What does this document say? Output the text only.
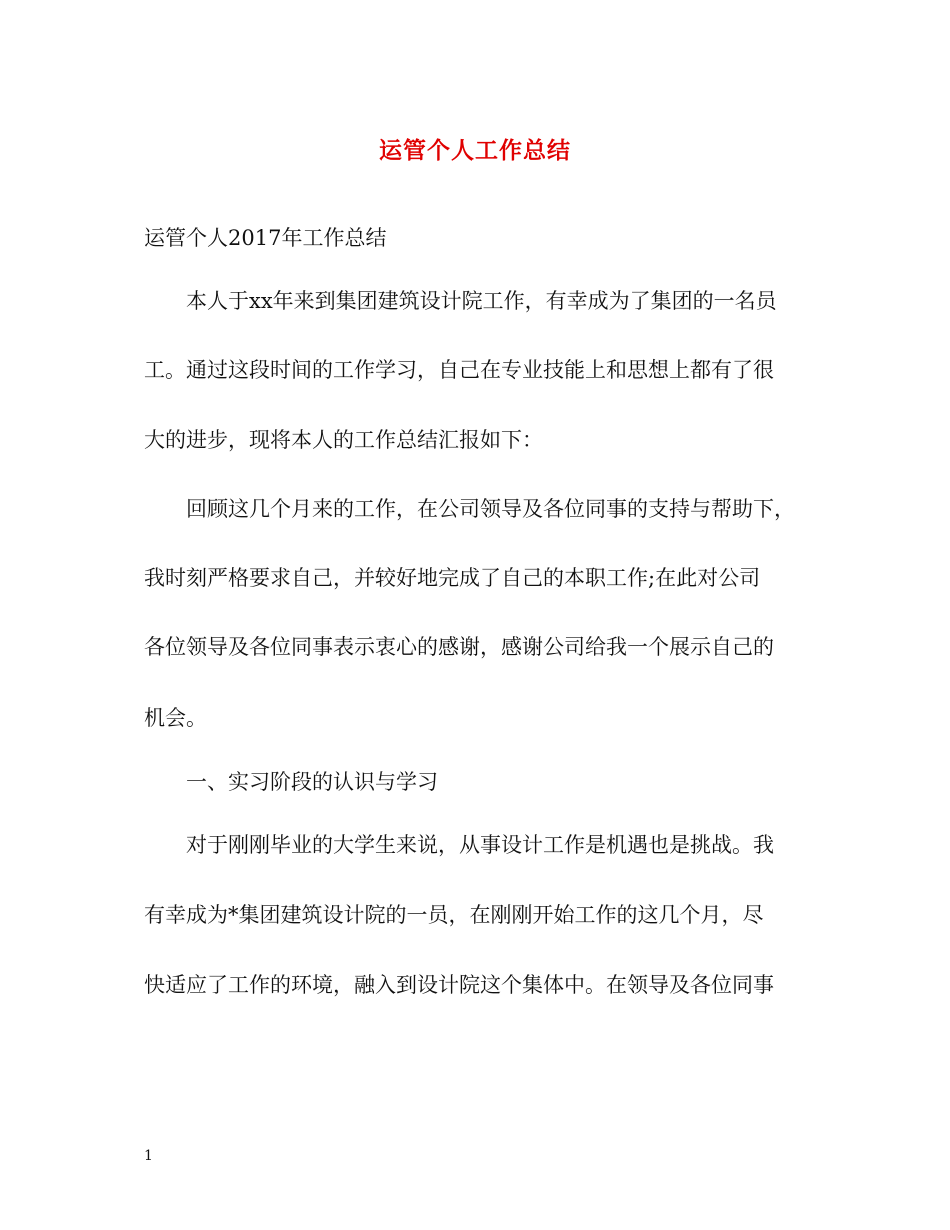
运管个人工作总结
运管个人2017年工作总结
本人于xx年来到集团建筑设计院工作，有幸成为了集团的一名员
工。通过这段时间的工作学习，自己在专业技能上和思想上都有了很
大的进步，现将本人的工作总结汇报如下：
回顾这几个月来的工作，在公司领导及各位同事的支持与帮助下，
我时刻严格要求自己，并较好地完成了自己的本职工作;在此对公司
各位领导及各位同事表示衷心的感谢，感谢公司给我一个展示自己的
机会。
一、实习阶段的认识与学习
对于刚刚毕业的大学生来说，从事设计工作是机遇也是挑战。我
有幸成为*集团建筑设计院的一员，在刚刚开始工作的这几个月，尽
快适应了工作的环境，融入到设计院这个集体中。在领导及各位同事
1
